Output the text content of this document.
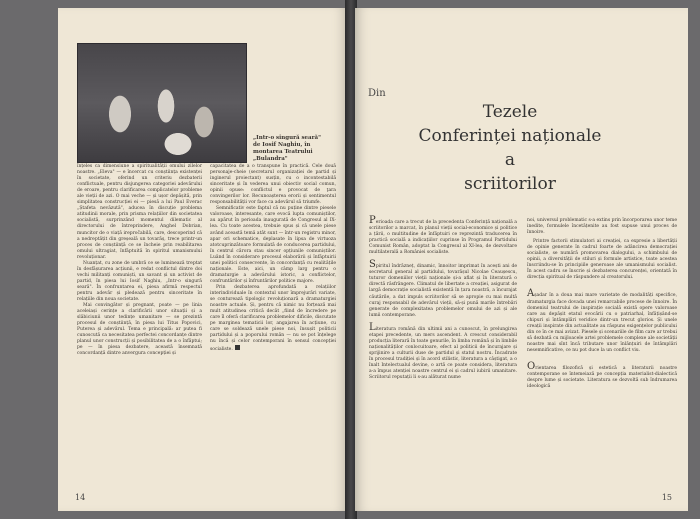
„Intr-o singură seară" de Iosif Naghiu, în montarea Teatrului „Bulandra"

înțeles ca dimensiune a spiritualității omului zilelor noastre. „Eleva" — e încercat cu conștiința existenței în societate, oferind un criteriu dezbaterii conflictuale, pentru disjungerea categoriei adevărului de eroare, pentru clarificarea complicatelor probleme ale vieții de azi. O mai veche — și ușor depășită, prin simplitatea construcției ei — piesă a lui Paul Everac „Ștafeta nevăzută", aducea în discuție problema atitudinii morale, prin prisma relațiilor din societatea socialistă, surprinzând momentul dilematic al directorului de întreprindere, Anghel Dobrian, muncitor de o viață irepročabilă, care, descoperind că a nedreptățit din greșeală un tovarăș, trece printr-un proces de conștiință ce se încheie prin reabilitarea omului ultragiat, înfăptuită în spiritul umanismului revoluționar.

Nuanțat, cu zone de umbră ce se luminează treptat în desfășurarea acțiunii, e redat conflictul dintre doi vechi militanți comuniști, un savant și un activist de partid, în piesa lui Iosif Naghiu, „Intr-o singură seară". În confruntarea ei, piesa afirmă respectul pentru adevăr și pledează pentru sinceritate în relațiile din noua societate.

Mai convingător și pregnant, poate — pe linia aceleiași cerințe a clarificării unor situații și a slăbiciunii unor tedințe umanitare — se prezintă procesul de conștiință, în piesa lui Titus Popovici, Puterea și adevărul. Tema e principală: ar putea fi cunoscută ca necesitatea perfectei concordanțe dintre planul unor construcții și posibilitatea de a o înfăptui; pe — în piesa dezbatere, această însemnată concordanță dintre anvergura concepției și

capacitatea de a o transpune în practică. Cele două personaje-cheie (secretarul organizației de partid și inginerul proiectant) susțin, cu o incontestabilă sinceritate și în vederea unui obiectiv social comun, opinii opuse: conflictul e provocat de ţara convingerilor lor. Recunoașterea erorii și sentimentul responsabilității vor face ca adevărul să triumfe.

Semnificativ este faptul că nu puține dintre piesele valoroase, interesante, care evocă lupta comuniștilor, au apărut în perioada inaugurată de Congresul al IX-lea. Cu toate acestea, trebuie spus și că unele piese având această temă atât sunt — într-un registru minor, apar ori schematice, deplasate în lipsa de virtuoza atotcuprinzătoare formulată de conducerea partidului, în centrul cărora stau sincer opțiunile comuniștilor. Luând în considerare procesul elaborării și înfăptuirii unei politici consecvente, în concordanță cu realitățile naționale. Este, aici, un câmp larg pentru o dramaturgie a adevărului istoric, a conflictelor, confruntărilor și înfruntărilor politice majore.

Prin dezbaterea aprofundată a relațiilor interindividuale în contextul unor împrejurări variate, se conturează tipologic revoluționară a dramaturgiei noastre actuale. Și, pentru că nimic nu forțează mai mult atitudinea critică decât „fiind de încredere pe care îl oferă clarificarea problemelor dificile, discutate pe marginea tematicii lor, angajarea în acțiune, cu care se soldează unele piese noi, însușit politicii partidului și a poporului român — nu se pot înțelege nu încă și celor contemporani în sensul concepției socialiste.

14
Din
Tezele
Conferinței naționale
a
scriitorilor

Perioada care a trecut de la precedenta Conferință națională a scriitorilor a marcat, în planul vieții social-economice și politice a țării, o multitudine de înfăptuiri ce reprezintă traducerea în practică socială a indicațiilor cuprinse în Programul Partidului Comunist Român, adoptat la Congresul al XI-lea, de dezvoltare multilaterală a României socialiste.

Spiritul îndrăzneț, dinamic, înnoitor imprimat în acești ani de secretarul general al partidului, tovarășul Nicolae Ceaușescu, tuturor domeniilor vieții naționale și-a aflat și în literatură o directă răsfrângere. Climatul de libertate a creației, asigurat de largă democrație socialistă existentă în țara noastră, a încurajat căutările, a dat impuls scriitorilor să se apropie cu mai multă curaj responsabil de adevărul vieții, să-și pună marile întrebări generate de complexitatea problemelor omului de azi și ale lumii contemporane.

Literatura română din ultimii ani a cunoscut, în prelungirea etapei precedente, un mers ascendent. A crescut considerabil producția literară în toate genurile, în limba română și în limbile naționalităților conlocuitoare, efect al politicii de încurajare și sprijinire a culturii duse de partidul și statul nostru. Încadrate în procesul tradiției și în acord stilistic, literatura a câștigat, a o înalt Intelectualul devine, o artă ce poate considera, literatura a-a împus atenției noastre centrul ei și cadrul iubirii umanitare. Scriitorul reputații li s-au alăturat nume

noi, universul problematic s-a extins prin încorporarea unor teme inedite, formulele încetățenite au fost supuse unui proces de înnoire.

Printre factorii stimulatori ai creației, ca expresie a libertății de opinie generate în cadrul foarte de adâncirea democrației socialiste, se numără promovarea dialogului, a schimbului de opinii, a diversității de stiluri și formule artistice, toate acestea înscriindu-se în principiile generoase ale umanismului socialist. În acest cadru se înscrie și dezbaterea concurenței, orientată în direcția spiritual de răspundere al creatorului.

Așadar în a doua mai mare varietate de modalități specifice, dramaturgia face dovada unei remarcabile procese de înnoire. În domeniul teatrului de inspirație socială există opere valoroase care au depășit etatul evocării cu o patriarhal, înfățișând-se chipuri și întâmplări veridice dintr-un trecut glorios. Și unele creații inspirate din actualitate au răspuns exigențelor publicului din ce în ce mai avizat. Piesele și scenariile de film care ar trebui să dezbată cu mijloacele artei problemele complexe ale societății noastre mai sînt încă tributare unor înlănțuiri de întâmplări nesemnificative, ce nu pot duce la un conflict viu.

Orientarea filozofică și estetică a literaturii noastre contemporane se întemeiază pe concepția materialist-dialectică despre lume și societate. Literatura se dezvoltă sub îndrumarea ideologică

15
